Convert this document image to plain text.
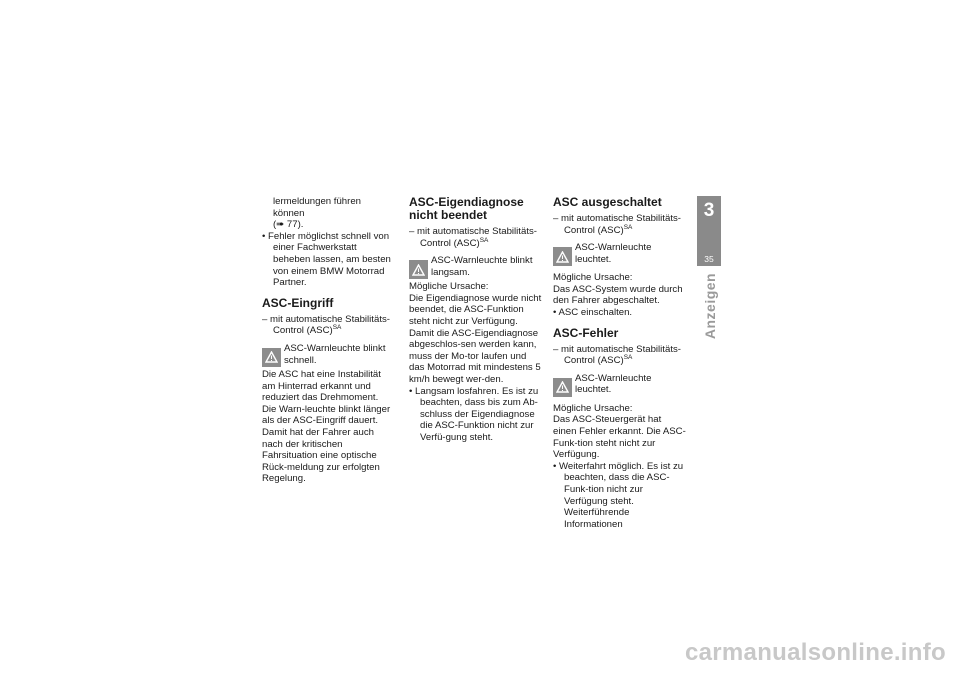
lermeldungen führen können
(➠ 77).

• Fehler möglichst schnell von einer Fachwerkstatt beheben lassen, am besten von einem BMW Motorrad Partner.

ASC-Eingriff

– mit automatische Stabilitäts-Control (ASC)$^{SA}$

ASC-Warnleuchte blinkt schnell.

Die ASC hat eine Instabilität am Hinterrad erkannt und reduziert das Drehmoment. Die Warn-leuchte blinkt länger als der ASC-Eingriff dauert. Damit hat der Fahrer auch nach der kritischen Fahrsituation eine optische Rück-meldung zur erfolgten Regelung.

ASC-Eigendiagnose nicht beendet

– mit automatische Stabilitäts-Control (ASC)$^{SA}$

ASC-Warnleuchte blinkt langsam.

Mögliche Ursache:

Die Eigendiagnose wurde nicht beendet, die ASC-Funktion steht nicht zur Verfügung. Damit die ASC-Eigendiagnose abgeschlos-sen werden kann, muss der Mo-tor laufen und das Motorrad mit mindestens 5 km/h bewegt wer-den.

• Langsam losfahren. Es ist zu beachten, dass bis zum Ab-schluss der Eigendiagnose die ASC-Funktion nicht zur Verfü-gung steht.

ASC ausgeschaltet

– mit automatische Stabilitäts-Control (ASC)$^{SA}$

ASC-Warnleuchte leuchtet.

Mögliche Ursache:

Das ASC-System wurde durch den Fahrer abgeschaltet.

• ASC einschalten.

ASC-Fehler

– mit automatische Stabilitäts-Control (ASC)$^{SA}$

ASC-Warnleuchte leuchtet.

Mögliche Ursache:

Das ASC-Steuergerät hat einen Fehler erkannt. Die ASC-Funk-tion steht nicht zur Verfügung.

• Weiterfahrt möglich. Es ist zu beachten, dass die ASC-Funk-tion nicht zur Verfügung steht. Weiterführende Informationen

3
35
Anzeigen
carmanualsonline.info
